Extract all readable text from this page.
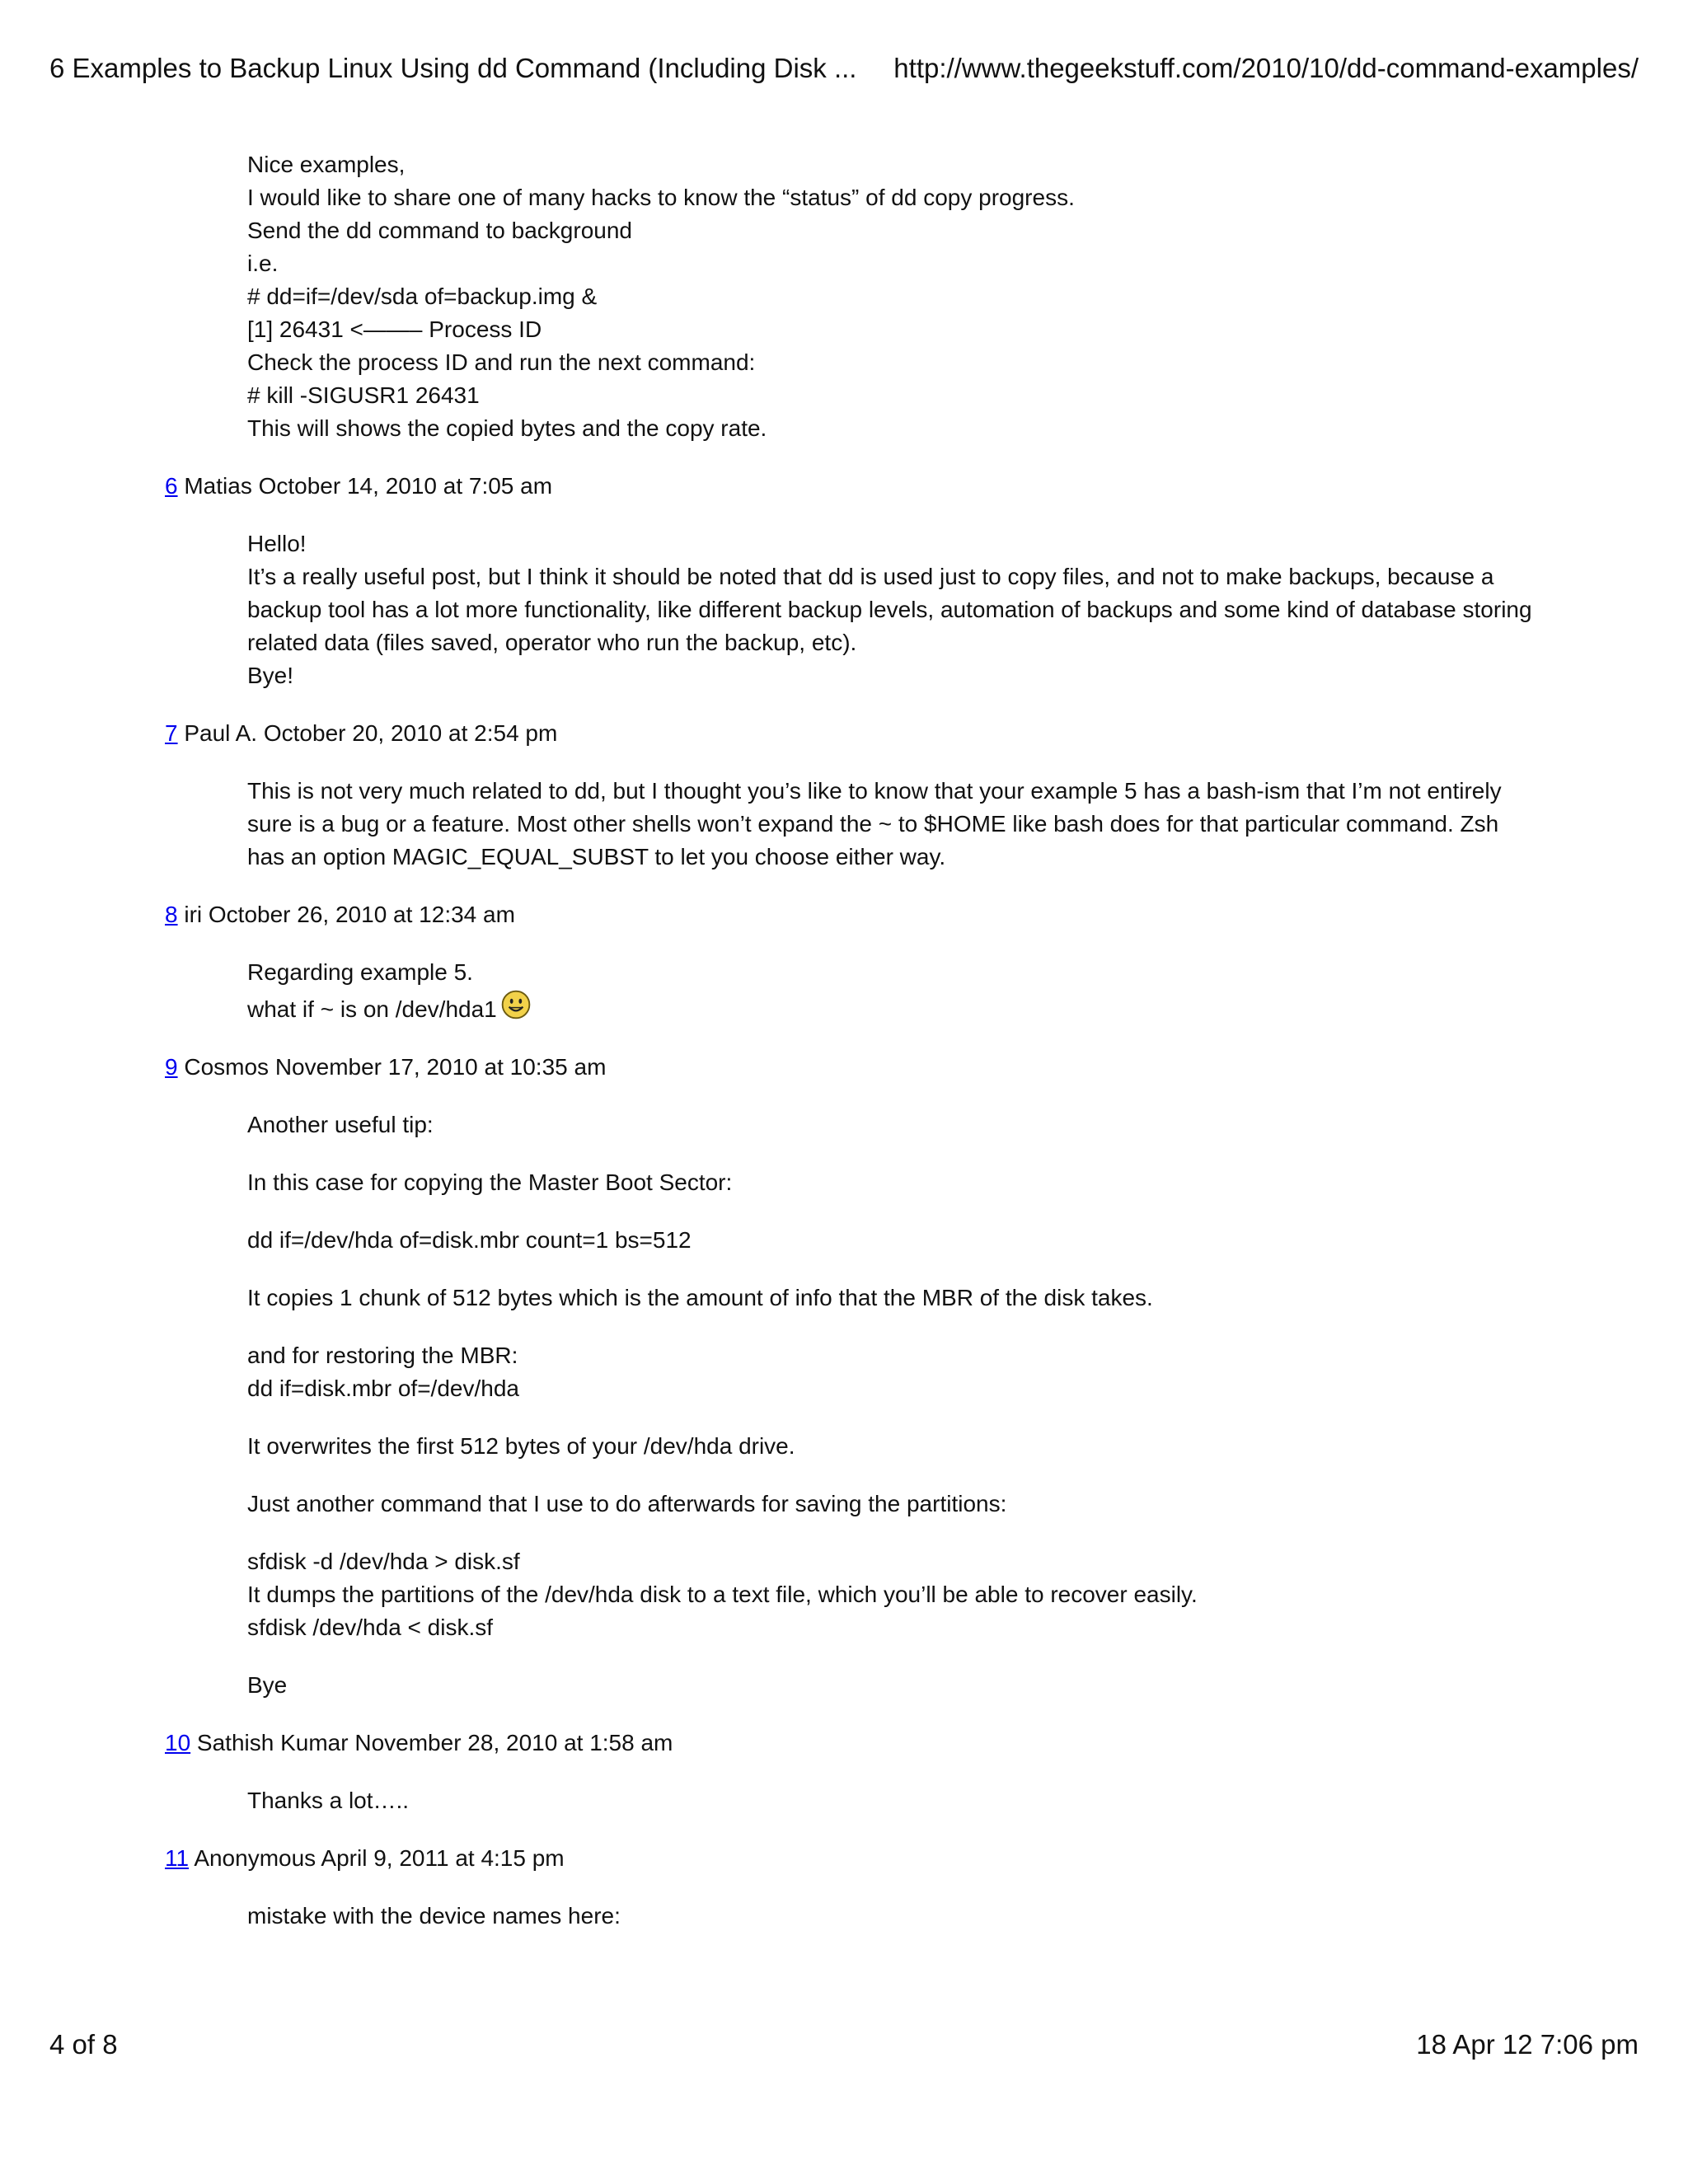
6 Examples to Backup Linux Using dd Command (Including Disk ... http://www.thegeekstuff.com/2010/10/dd-command-examples/

Nice examples,
I would like to share one of many hacks to know the “status” of dd copy progress.
Send the dd command to background
i.e.
# dd=if=/dev/sda of=backup.img &
[1] 26431 <——– Process ID
Check the process ID and run the next command:
# kill -SIGUSR1 26431
This will shows the copied bytes and the copy rate.

6 Matias October 14, 2010 at 7:05 am

Hello!
It’s a really useful post, but I think it should be noted that dd is used just to copy files, and not to make backups, because a backup tool has a lot more functionality, like different backup levels, automation of backups and some kind of database storing related data (files saved, operator who run the backup, etc).
Bye!

7 Paul A. October 20, 2010 at 2:54 pm

This is not very much related to dd, but I thought you’s like to know that your example 5 has a bash-ism that I’m not entirely sure is a bug or a feature. Most other shells won’t expand the ~ to $HOME like bash does for that particular command. Zsh has an option MAGIC_EQUAL_SUBST to let you choose either way.

8 iri October 26, 2010 at 12:34 am

Regarding example 5.
what if ~ is on /dev/hda1

9 Cosmos November 17, 2010 at 10:35 am

Another useful tip:

In this case for copying the Master Boot Sector:

dd if=/dev/hda of=disk.mbr count=1 bs=512

It copies 1 chunk of 512 bytes which is the amount of info that the MBR of the disk takes.

and for restoring the MBR:
dd if=disk.mbr of=/dev/hda

It overwrites the first 512 bytes of your /dev/hda drive.

Just another command that I use to do afterwards for saving the partitions:

sfdisk -d /dev/hda > disk.sf
It dumps the partitions of the /dev/hda disk to a text file, which you’ll be able to recover easily.
sfdisk /dev/hda < disk.sf

Bye

10 Sathish Kumar November 28, 2010 at 1:58 am

Thanks a lot…..

11 Anonymous April 9, 2011 at 4:15 pm

mistake with the device names here:

4 of 8	18 Apr 12 7:06 pm
